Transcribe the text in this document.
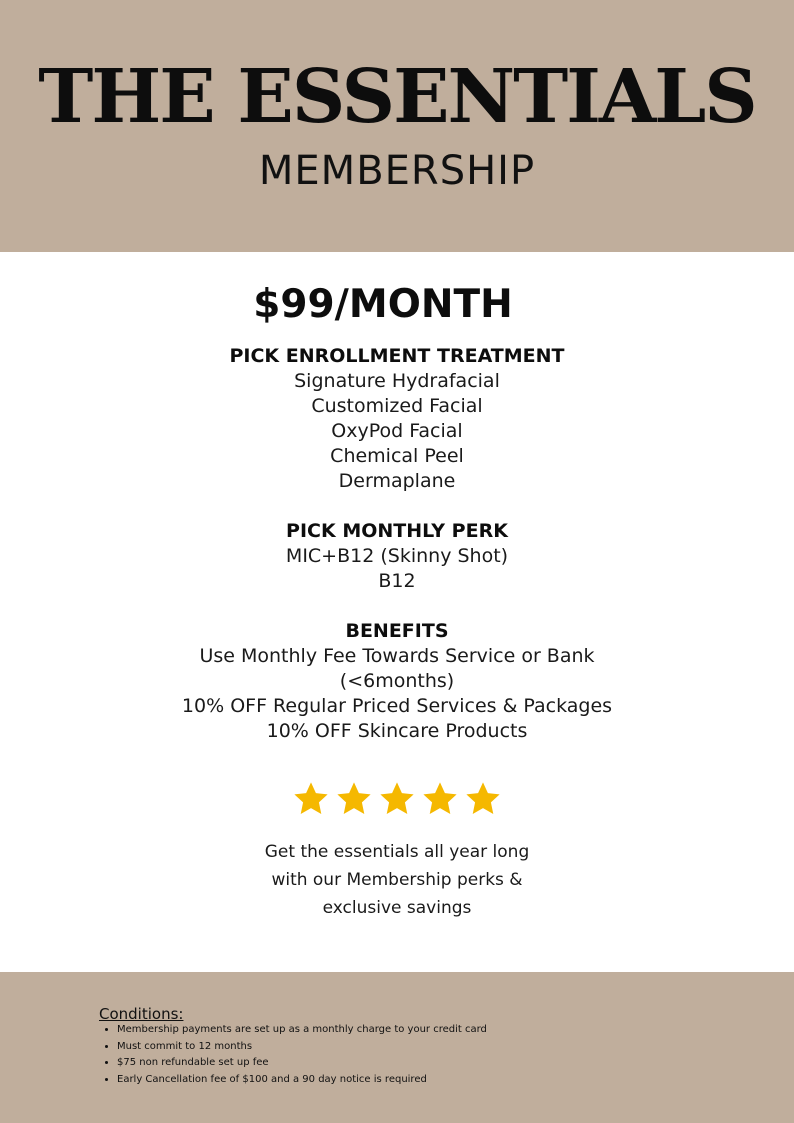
THE ESSENTIALS
MEMBERSHIP
$99/MONTH
PICK ENROLLMENT TREATMENT
Signature Hydrafacial
Customized Facial
OxyPod Facial
Chemical Peel
Dermaplane
PICK MONTHLY PERK
MIC+B12 (Skinny Shot)
B12
BENEFITS
Use Monthly Fee Towards Service or Bank
(<6months)
10% OFF Regular Priced Services & Packages
10% OFF Skincare Products
Get the essentials all year long
with our Membership perks &
exclusive savings
Conditions:
• Membership payments are set up as a monthly charge to your credit card
• Must commit to 12 months
• $75 non refundable set up fee
• Early Cancellation fee of $100 and a 90 day notice is required
